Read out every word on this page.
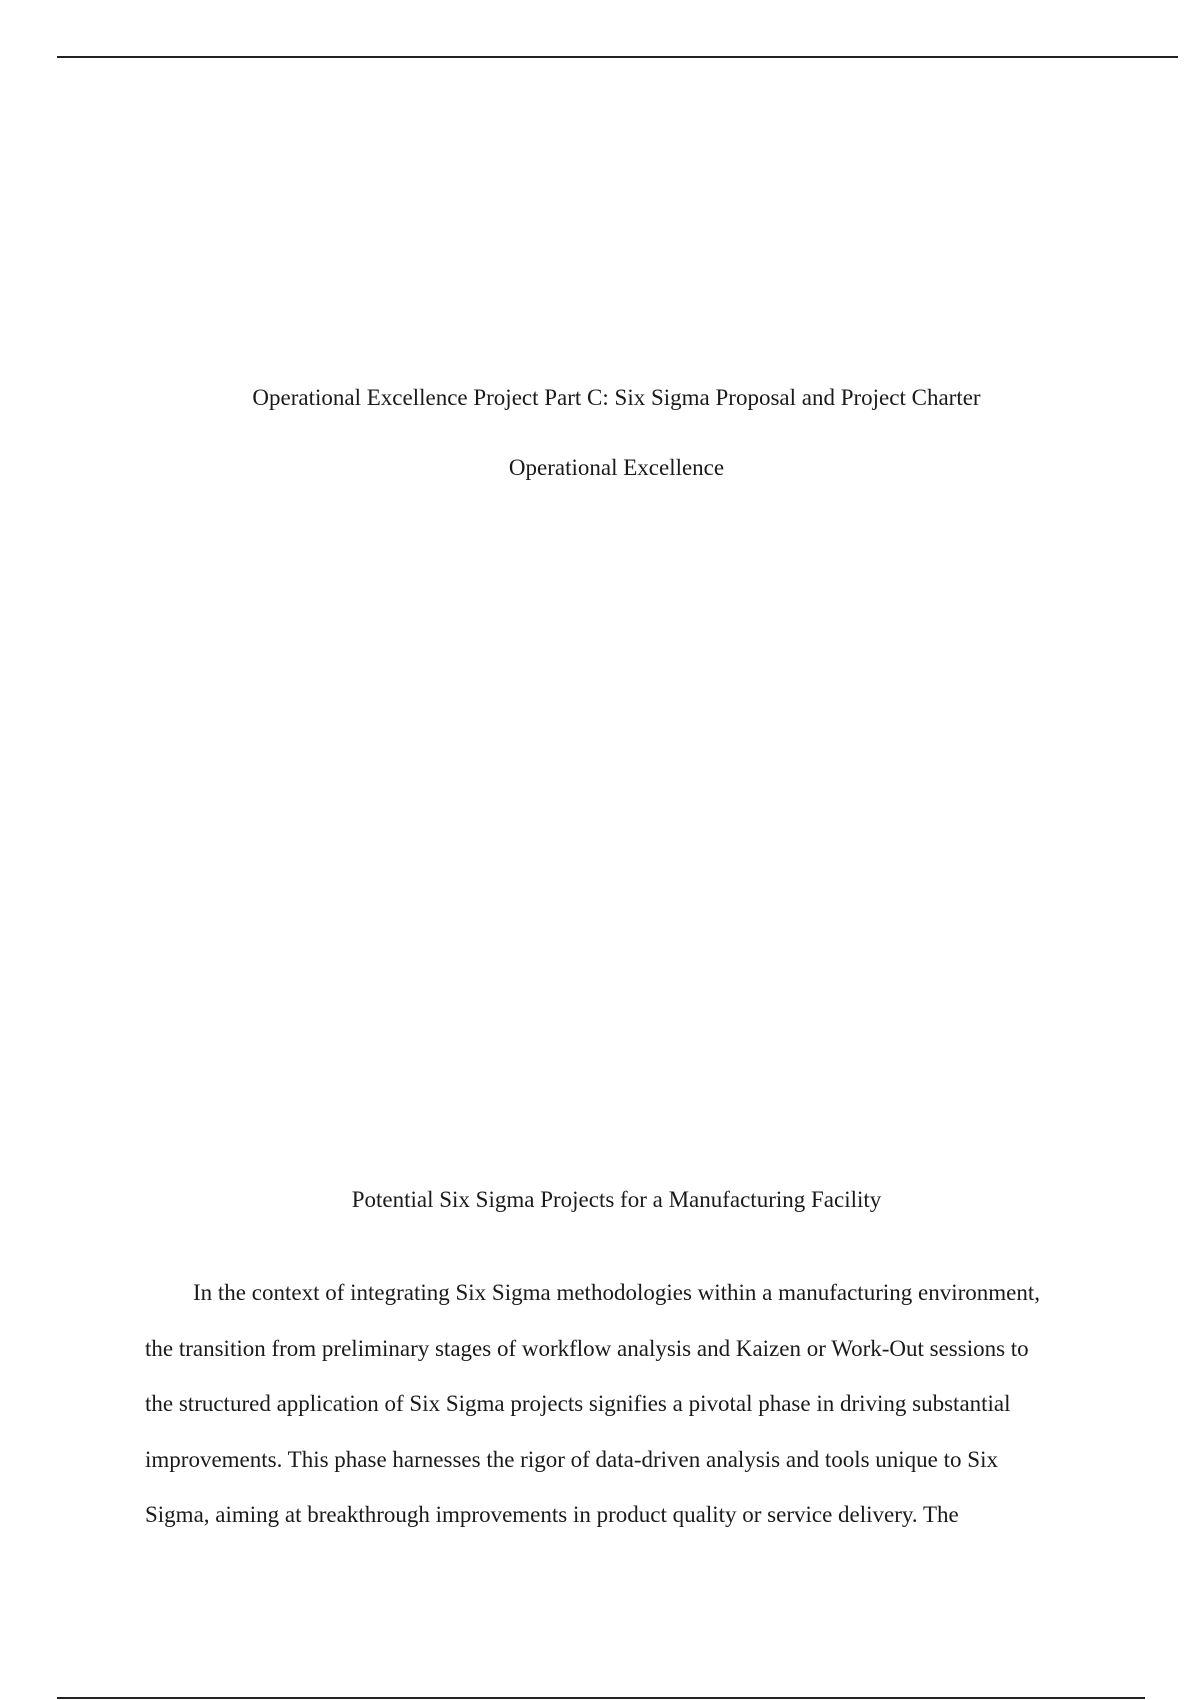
Operational Excellence Project Part C: Six Sigma Proposal and Project Charter

Operational Excellence

Potential Six Sigma Projects for a Manufacturing Facility

In the context of integrating Six Sigma methodologies within a manufacturing environment,
the transition from preliminary stages of workflow analysis and Kaizen or Work-Out sessions to
the structured application of Six Sigma projects signifies a pivotal phase in driving substantial
improvements. This phase harnesses the rigor of data-driven analysis and tools unique to Six
Sigma, aiming at breakthrough improvements in product quality or service delivery. The
